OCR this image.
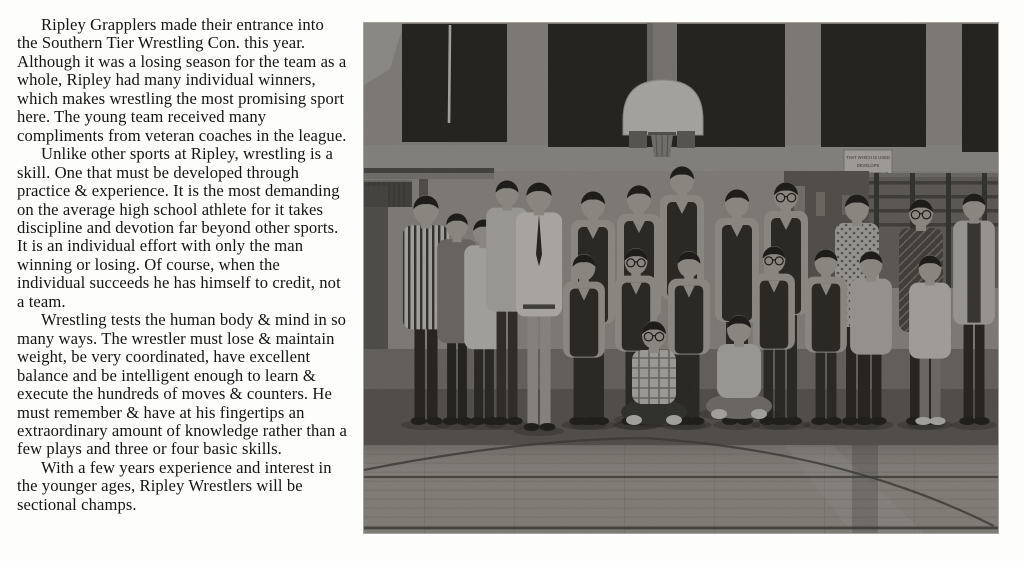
Ripley Grapplers made their entrance into the Southern Tier Wrestling Con. this year. Although it was a losing season for the team as a whole, Ripley had many individual winners, which makes wrestling the most promising sport here. The young team received many compliments from veteran coaches in the league.

Unlike other sports at Ripley, wrestling is a skill. One that must be developed through practice & experience. It is the most demanding on the average high school athlete for it takes discipline and devotion far beyond other sports. It is an individual effort with only the man winning or losing. Of course, when the individual succeeds he has himself to credit, not a team.

Wrestling tests the human body & mind in so many ways. The wrestler must lose & maintain weight, be very coordinated, have excellent balance and be intelligent enough to learn & execute the hundreds of moves & counters. He must remember & have at his fingertips an extraordinary amount of knowledge rather than a few plays and three or four basic skills.

With a few years experience and interest in the younger ages, Ripley Wrestlers will be sectional champs.

THAT WHICH IS USED
DEVELOPS
